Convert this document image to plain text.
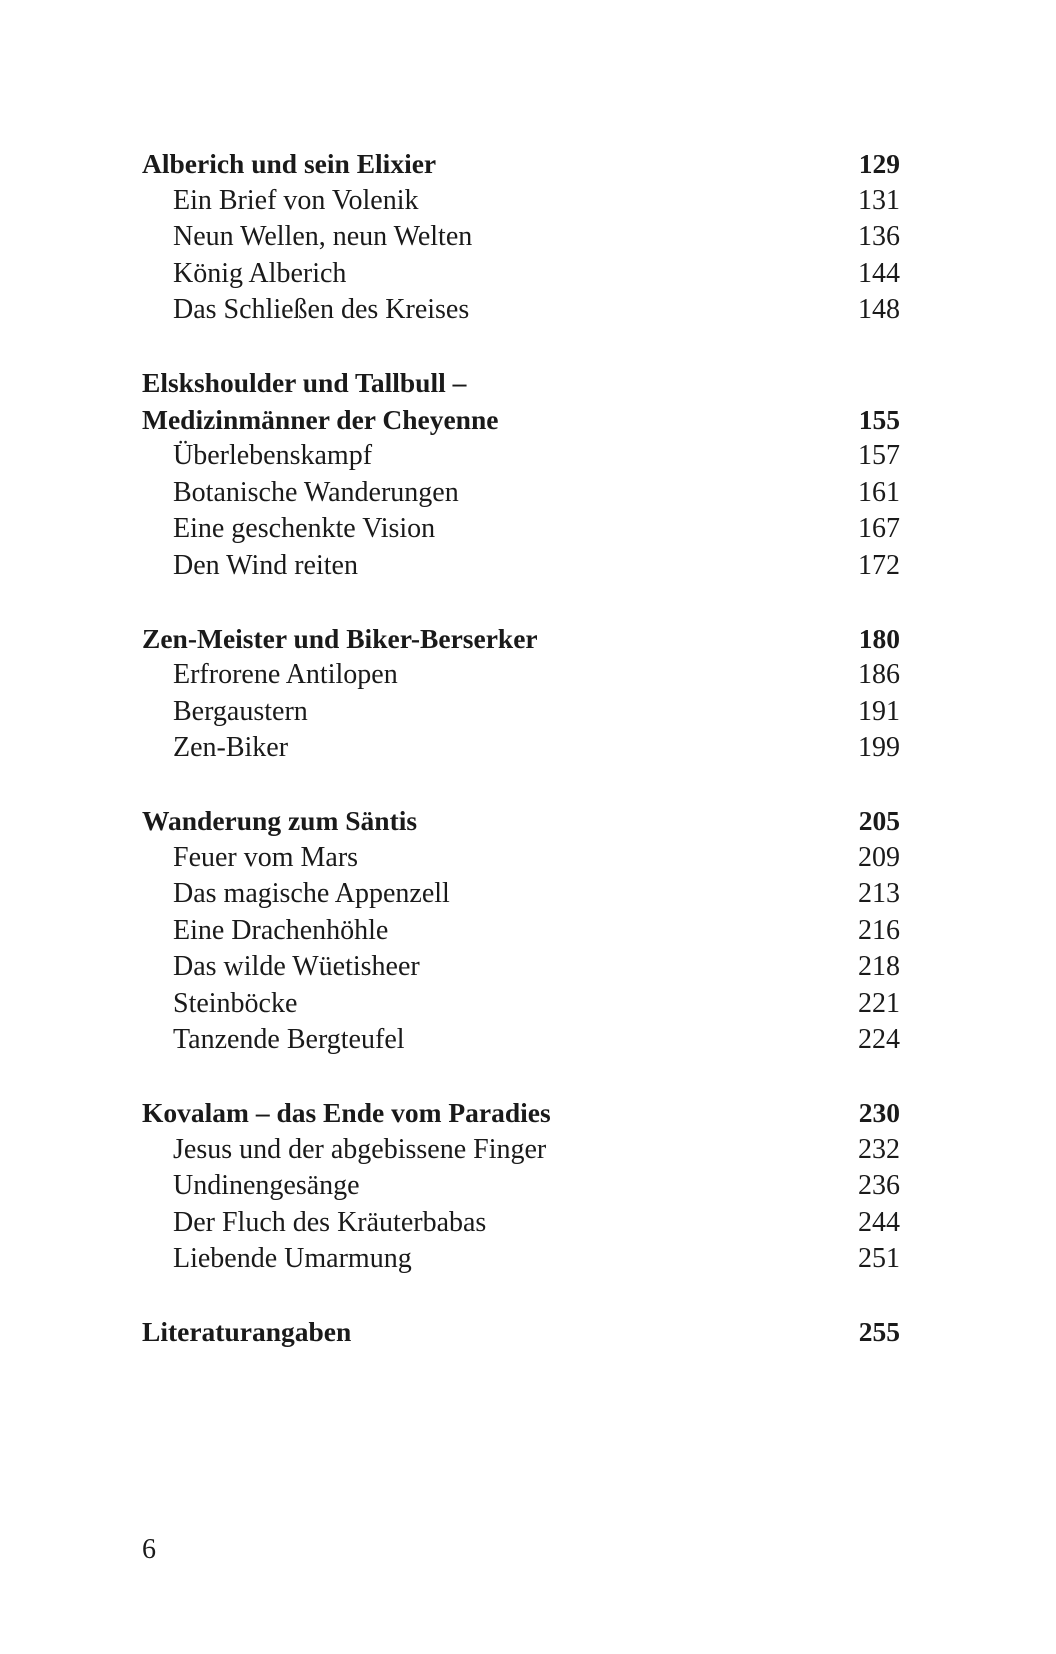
Alberich und sein Elixier	129
Ein Brief von Volenik	131
Neun Wellen, neun Welten	136
König Alberich	144
Das Schließen des Kreises	148
Elskshoulder und Tallbull –
Medizinmänner der Cheyenne	155
Überlebenskampf	157
Botanische Wanderungen	161
Eine geschenkte Vision	167
Den Wind reiten	172
Zen-Meister und Biker-Berserker	180
Erfrorene Antilopen	186
Bergaustern	191
Zen-Biker	199
Wanderung zum Säntis	205
Feuer vom Mars	209
Das magische Appenzell	213
Eine Drachenhöhle	216
Das wilde Wüetisheer	218
Steinböcke	221
Tanzende Bergteufel	224
Kovalam – das Ende vom Paradies	230
Jesus und der abgebissene Finger	232
Undinengesänge	236
Der Fluch des Kräuterbabas	244
Liebende Umarmung	251
Literaturangaben	255
6
